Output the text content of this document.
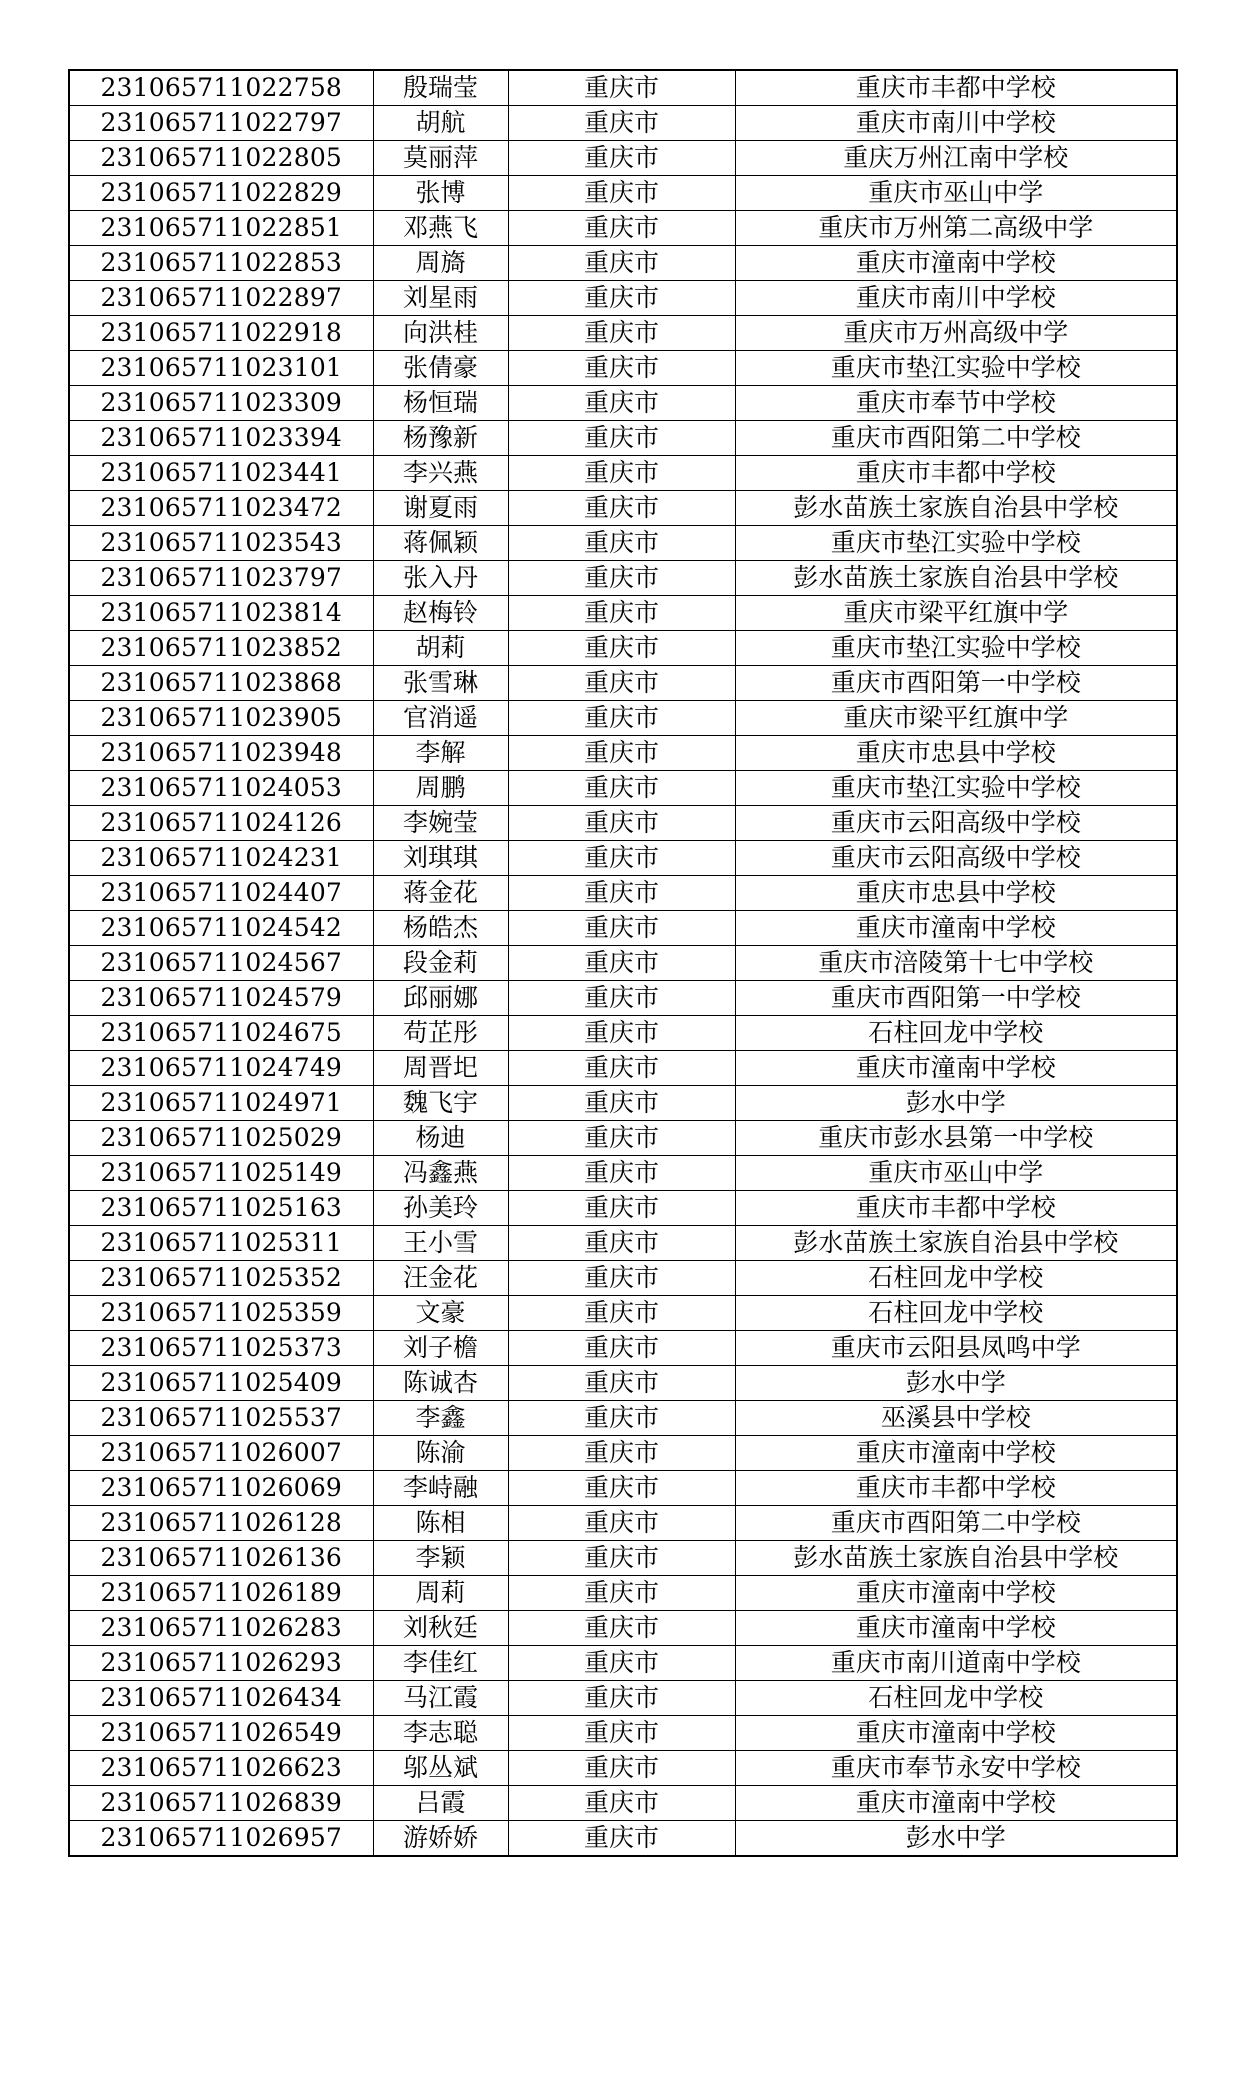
231065711022758	殷瑞莹	重庆市	重庆市丰都中学校
231065711022797	胡航	重庆市	重庆市南川中学校
231065711022805	莫丽萍	重庆市	重庆万州江南中学校
231065711022829	张博	重庆市	重庆市巫山中学
231065711022851	邓燕飞	重庆市	重庆市万州第二高级中学
231065711022853	周旖	重庆市	重庆市潼南中学校
231065711022897	刘星雨	重庆市	重庆市南川中学校
231065711022918	向洪桂	重庆市	重庆市万州高级中学
231065711023101	张倩豪	重庆市	重庆市垫江实验中学校
231065711023309	杨恒瑞	重庆市	重庆市奉节中学校
231065711023394	杨豫新	重庆市	重庆市酉阳第二中学校
231065711023441	李兴燕	重庆市	重庆市丰都中学校
231065711023472	谢夏雨	重庆市	彭水苗族土家族自治县中学校
231065711023543	蒋佩颖	重庆市	重庆市垫江实验中学校
231065711023797	张入丹	重庆市	彭水苗族土家族自治县中学校
231065711023814	赵梅铃	重庆市	重庆市梁平红旗中学
231065711023852	胡莉	重庆市	重庆市垫江实验中学校
231065711023868	张雪琳	重庆市	重庆市酉阳第一中学校
231065711023905	官消遥	重庆市	重庆市梁平红旗中学
231065711023948	李解	重庆市	重庆市忠县中学校
231065711024053	周鹏	重庆市	重庆市垫江实验中学校
231065711024126	李婉莹	重庆市	重庆市云阳高级中学校
231065711024231	刘琪琪	重庆市	重庆市云阳高级中学校
231065711024407	蒋金花	重庆市	重庆市忠县中学校
231065711024542	杨皓杰	重庆市	重庆市潼南中学校
231065711024567	段金莉	重庆市	重庆市涪陵第十七中学校
231065711024579	邱丽娜	重庆市	重庆市酉阳第一中学校
231065711024675	苟芷彤	重庆市	石柱回龙中学校
231065711024749	周晋圯	重庆市	重庆市潼南中学校
231065711024971	魏飞宇	重庆市	彭水中学
231065711025029	杨迪	重庆市	重庆市彭水县第一中学校
231065711025149	冯鑫燕	重庆市	重庆市巫山中学
231065711025163	孙美玲	重庆市	重庆市丰都中学校
231065711025311	王小雪	重庆市	彭水苗族土家族自治县中学校
231065711025352	汪金花	重庆市	石柱回龙中学校
231065711025359	文豪	重庆市	石柱回龙中学校
231065711025373	刘子檐	重庆市	重庆市云阳县凤鸣中学
231065711025409	陈诚杏	重庆市	彭水中学
231065711025537	李鑫	重庆市	巫溪县中学校
231065711026007	陈渝	重庆市	重庆市潼南中学校
231065711026069	李峙融	重庆市	重庆市丰都中学校
231065711026128	陈相	重庆市	重庆市酉阳第二中学校
231065711026136	李颖	重庆市	彭水苗族土家族自治县中学校
231065711026189	周莉	重庆市	重庆市潼南中学校
231065711026283	刘秋廷	重庆市	重庆市潼南中学校
231065711026293	李佳红	重庆市	重庆市南川道南中学校
231065711026434	马江霞	重庆市	石柱回龙中学校
231065711026549	李志聪	重庆市	重庆市潼南中学校
231065711026623	邬丛斌	重庆市	重庆市奉节永安中学校
231065711026839	吕霞	重庆市	重庆市潼南中学校
231065711026957	游娇娇	重庆市	彭水中学
